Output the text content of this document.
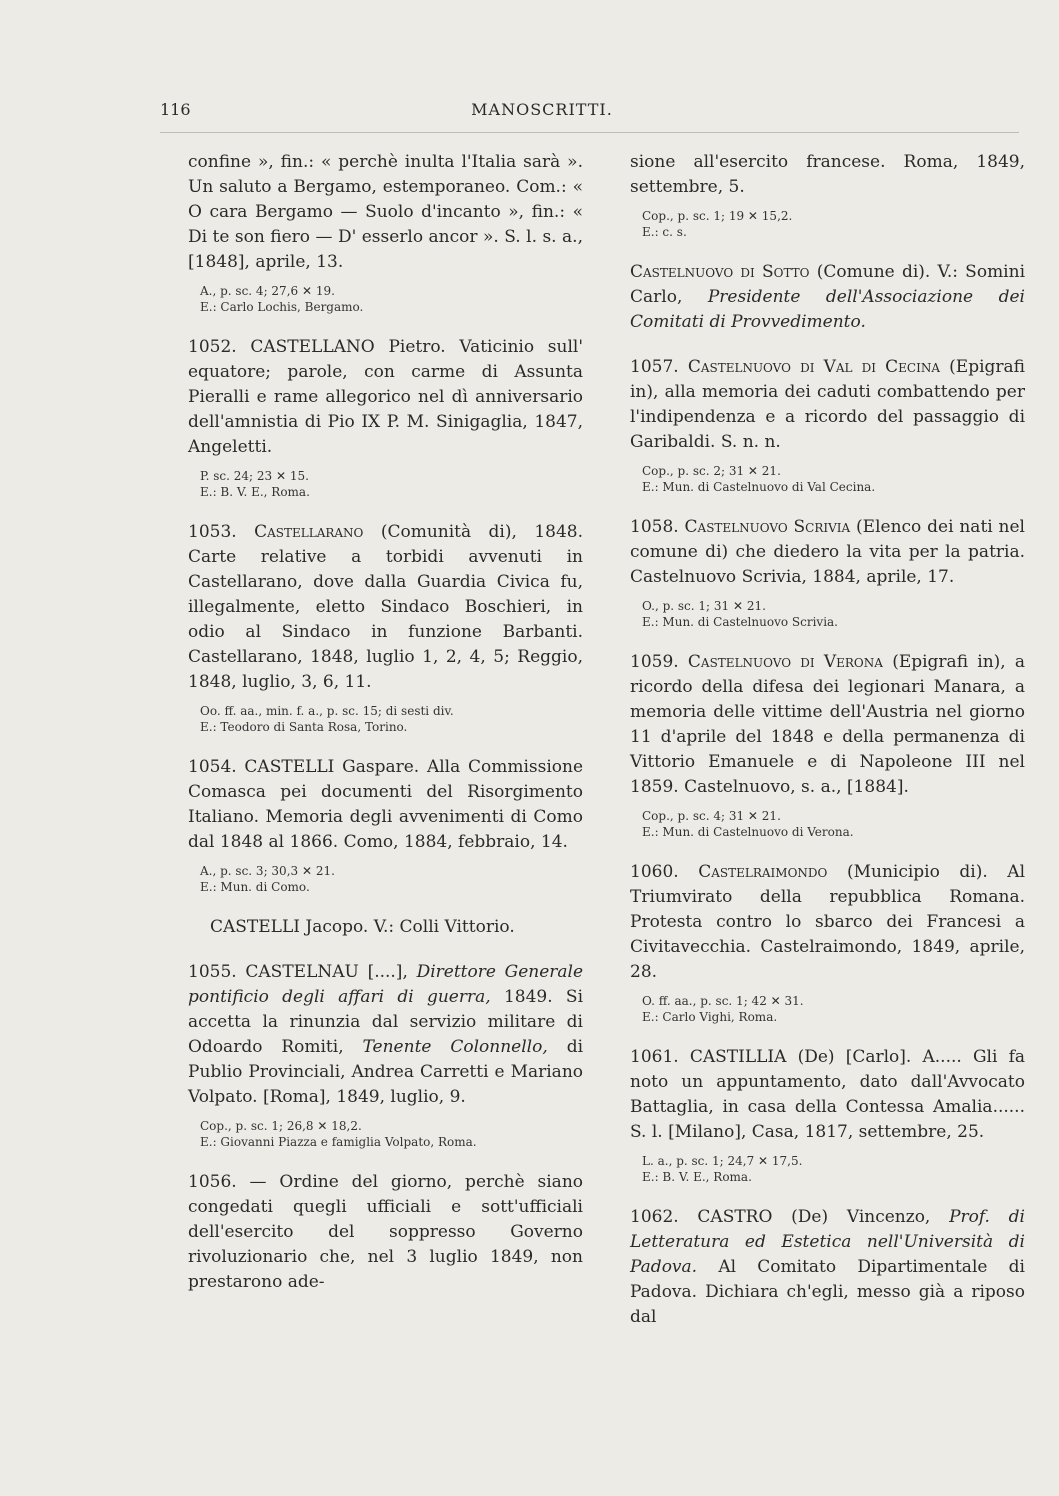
116	MANOSCRITTI.

confine », fin.: « perchè inulta l'Italia sarà ». Un saluto a Bergamo, estemporaneo. Com.: « O cara Bergamo — Suolo d'incanto », fin.: « Di te son fiero — D' esserlo ancor ». S. l. s. a., [1848], aprile, 13.

A., p. sc. 4; 27,6 ✕ 19.
E.: Carlo Lochis, Bergamo.

1052. CASTELLANO Pietro. Vaticinio sull' equatore; parole, con carme di Assunta Pieralli e rame allegorico nel dì anniversario dell'amnistia di Pio IX P. M. Sinigaglia, 1847, Angeletti.

P. sc. 24; 23 ✕ 15.
E.: B. V. E., Roma.

1053. Castellarano (Comunità di), 1848. Carte relative a torbidi avvenuti in Castellarano, dove dalla Guardia Civica fu, illegalmente, eletto Sindaco Boschieri, in odio al Sindaco in funzione Barbanti. Castellarano, 1848, luglio 1, 2, 4, 5; Reggio, 1848, luglio, 3, 6, 11.

Oo. ff. aa., min. f. a., p. sc. 15; di sesti div.
E.: Teodoro di Santa Rosa, Torino.

1054. CASTELLI Gaspare. Alla Commissione Comasca pei documenti del Risorgimento Italiano. Memoria degli avvenimenti di Como dal 1848 al 1866. Como, 1884, febbraio, 14.

A., p. sc. 3; 30,3 ✕ 21.
E.: Mun. di Como.

CASTELLI Jacopo. V.: Colli Vittorio.

1055. CASTELNAU [....], Direttore Generale pontificio degli affari di guerra, 1849. Si accetta la rinunzia dal servizio militare di Odoardo Romiti, Tenente Colonnello, di Publio Provinciali, Andrea Carretti e Mariano Volpato. [Roma], 1849, luglio, 9.

Cop., p. sc. 1; 26,8 ✕ 18,2.
E.: Giovanni Piazza e famiglia Volpato, Roma.

1056. — Ordine del giorno, perchè siano congedati quegli ufficiali e sott'ufficiali dell'esercito del soppresso Governo rivoluzionario che, nel 3 luglio 1849, non prestarono ade-

sione all'esercito francese. Roma, 1849, settembre, 5.

Cop., p. sc. 1; 19 ✕ 15,2.
E.: c. s.

Castelnuovo di Sotto (Comune di). V.: Somini Carlo, Presidente dell'Associazione dei Comitati di Provvedimento.

1057. Castelnuovo di Val di Cecina (Epigrafi in), alla memoria dei caduti combattendo per l'indipendenza e a ricordo del passaggio di Garibaldi. S. n. n.

Cop., p. sc. 2; 31 ✕ 21.
E.: Mun. di Castelnuovo di Val Cecina.

1058. Castelnuovo Scrivia (Elenco dei nati nel comune di) che diedero la vita per la patria. Castelnuovo Scrivia, 1884, aprile, 17.

O., p. sc. 1; 31 ✕ 21.
E.: Mun. di Castelnuovo Scrivia.

1059. Castelnuovo di Verona (Epigrafi in), a ricordo della difesa dei legionari Manara, a memoria delle vittime dell'Austria nel giorno 11 d'aprile del 1848 e della permanenza di Vittorio Emanuele e di Napoleone III nel 1859. Castelnuovo, s. a., [1884].

Cop., p. sc. 4; 31 ✕ 21.
E.: Mun. di Castelnuovo di Verona.

1060. Castelraimondo (Municipio di). Al Triumvirato della repubblica Romana. Protesta contro lo sbarco dei Francesi a Civitavecchia. Castelraimondo, 1849, aprile, 28.

O. ff. aa., p. sc. 1; 42 ✕ 31.
E.: Carlo Vighi, Roma.

1061. CASTILLIA (De) [Carlo]. A..... Gli fa noto un appuntamento, dato dall'Avvocato Battaglia, in casa della Contessa Amalia...... S. l. [Milano], Casa, 1817, settembre, 25.

L. a., p. sc. 1; 24,7 ✕ 17,5.
E.: B. V. E., Roma.

1062. CASTRO (De) Vincenzo, Prof. di Letteratura ed Estetica nell'Università di Padova. Al Comitato Dipartimentale di Padova. Dichiara ch'egli, messo già a riposo dal
